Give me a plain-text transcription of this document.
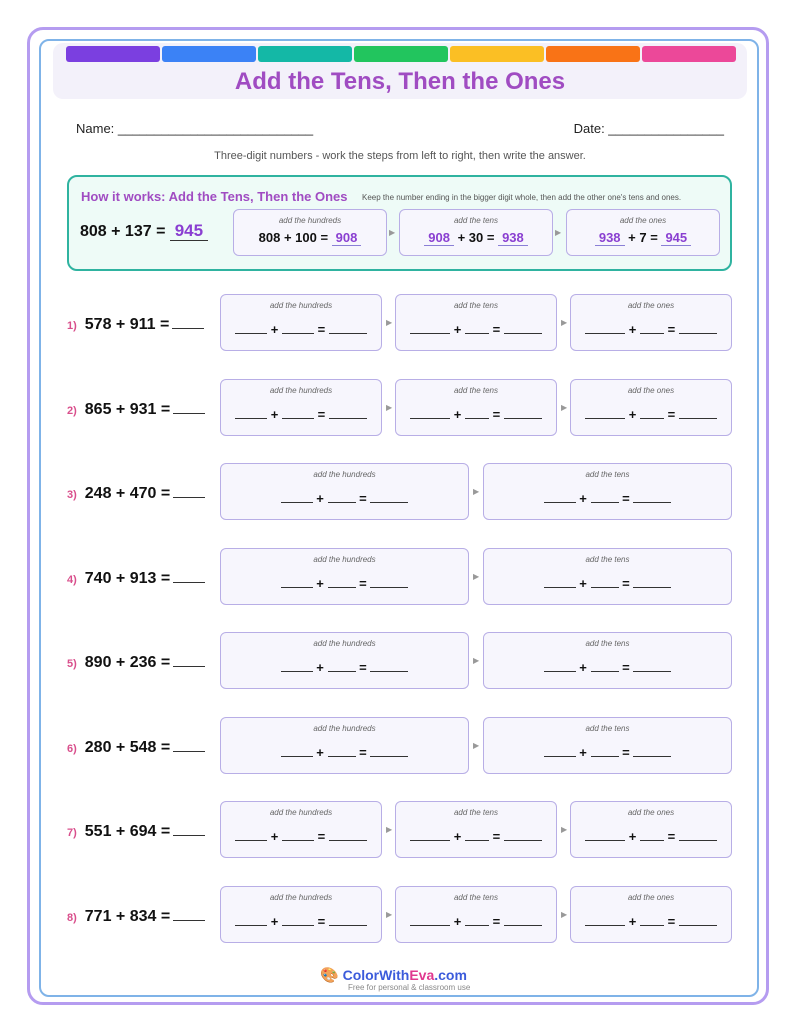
Add the Tens, Then the Ones
Name: ___________________________	Date: ________________
Three-digit numbers - work the steps from left to right, then write the answer.
How it works: Add the Tens, Then the Ones Keep the number ending in the bigger digit whole, then add the other one's tens and ones.
808 + 137 = 945
add the hundreds
808 + 100 = 908	▶
add the tens
908 + 30 = 938	▶
add the ones
938 + 7 = 945
1) 578 + 911 =
add the hundreds
+  =	▶
add the tens
+  =	▶
add the ones
+  =
2) 865 + 931 =
add the hundreds
+  =	▶
add the tens
+  =	▶
add the ones
+  =
3) 248 + 470 =
add the hundreds
+  =	▶
add the tens
+  =
4) 740 + 913 =
add the hundreds
+  =	▶
add the tens
+  =
5) 890 + 236 =
add the hundreds
+  =	▶
add the tens
+  =
6) 280 + 548 =
add the hundreds
+  =	▶
add the tens
+  =
7) 551 + 694 =
add the hundreds
+  =	▶
add the tens
+  =	▶
add the ones
+  =
8) 771 + 834 =
add the hundreds
+  =	▶
add the tens
+  =	▶
add the ones
+  =
🎨 ColorWithEva.com
Free for personal & classroom use
